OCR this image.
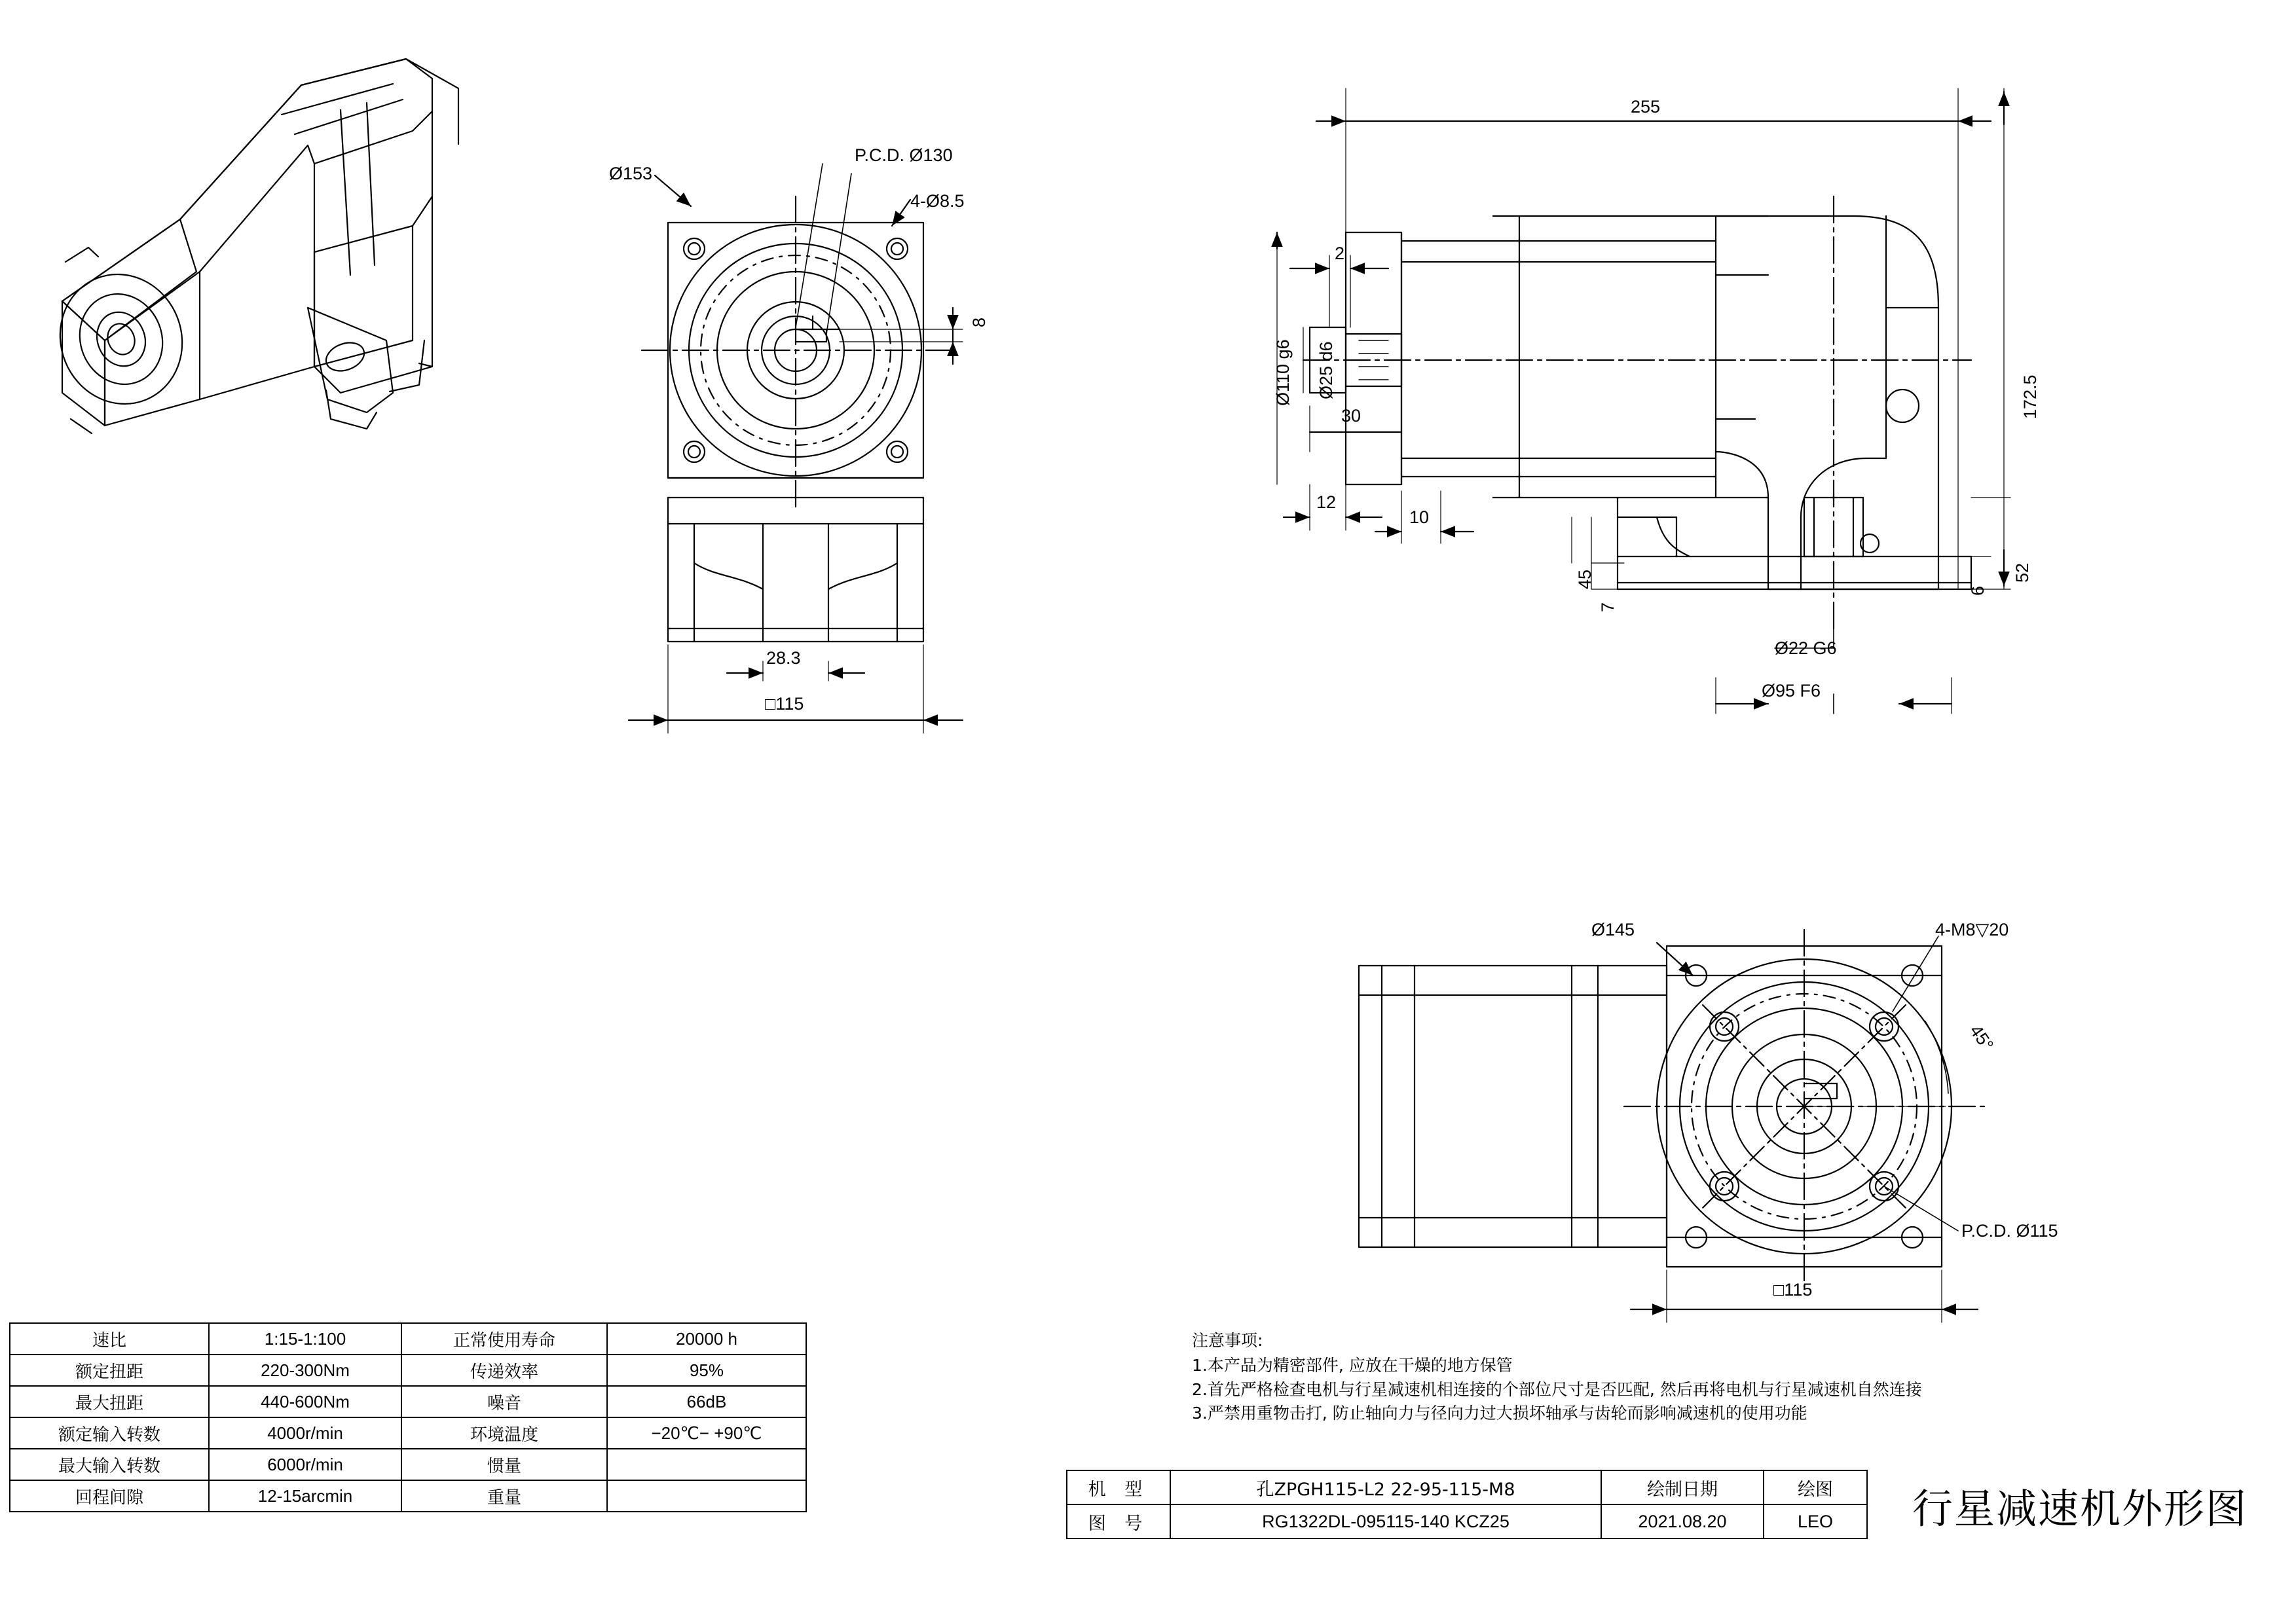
Ø153
P.C.D. Ø130
4-Ø8.5
8
28.3
□115
255
2
Ø110 g6 Ø25 d6
30
12
10
45
7
6
52
172.5
Ø22 G6
Ø95 F6
Ø145	4-M8▽20
45°
P.C.D. Ø115
□115
速比	1:15-1:100	正常使用寿命	20000 h
额定扭距	220-300Nm	传递效率	95%
最大扭距	440-600Nm	噪音	66dB
额定输入转数	4000r/min	环境温度	−20℃− +90℃
最大输入转数	6000r/min	惯量	
回程间隙	12-15arcmin	重量	
注意事项:
1.本产品为精密部件, 应放在干燥的地方保管
2.首先严格检查电机与行星减速机相连接的个部位尺寸是否匹配, 然后再将电机与行星减速机自然连接
3.严禁用重物击打, 防止轴向力与径向力过大损坏轴承与齿轮而影响减速机的使用功能
机 型	孔ZPGH115-L2 22-95-115-M8	绘制日期	绘图
图 号	RG1322DL-095115-140 KCZ25	2021.08.20	LEO 行星减速机外形图
